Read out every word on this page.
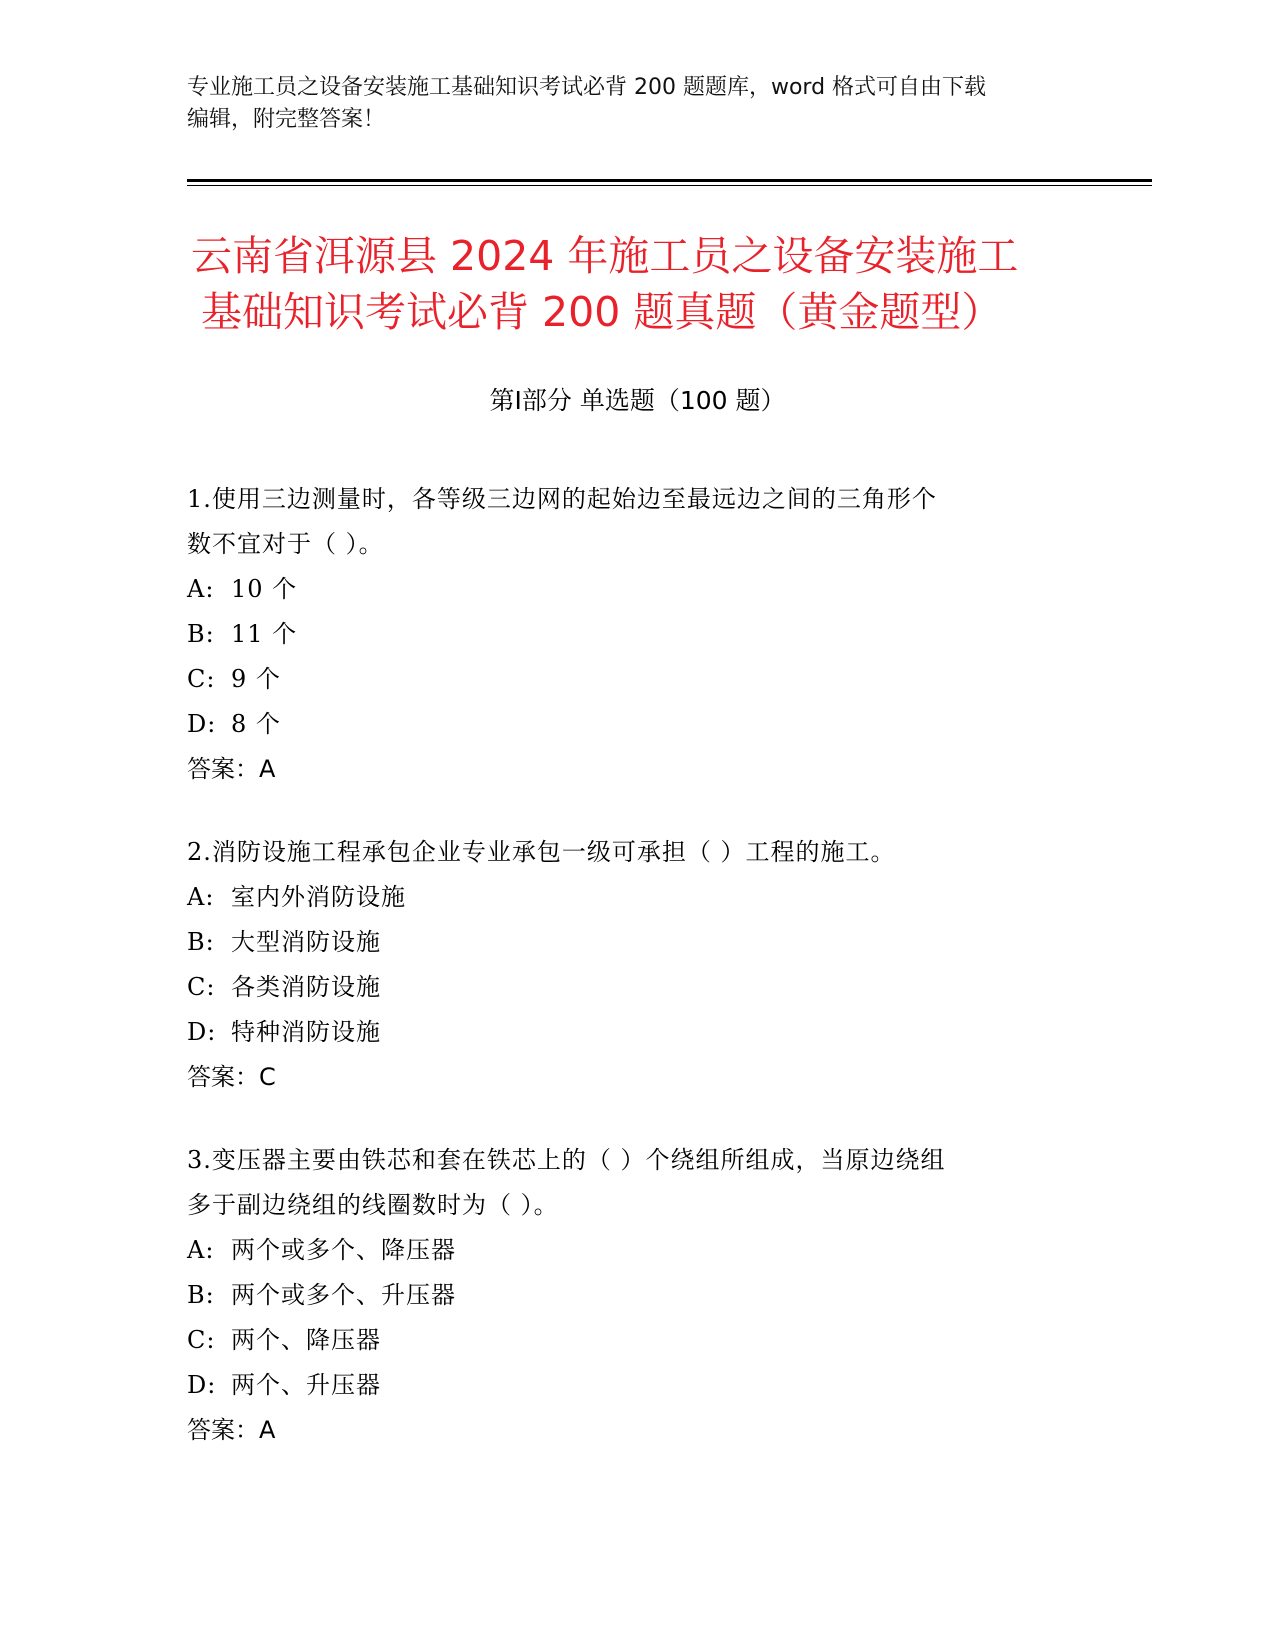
专业施工员之设备安装施工基础知识考试必背 200 题题库，word 格式可自由下载
编辑，附完整答案！
云南省洱源县 2024 年施工员之设备安装施工
基础知识考试必背 200 题真题（黄金题型）
第Ⅰ部分 单选题（100 题）
1.使用三边测量时，各等级三边网的起始边至最远边之间的三角形个
数不宜对于（ ）。
A: 10 个
B: 11 个
C: 9 个
D: 8 个
答案：A
2.消防设施工程承包企业专业承包一级可承担（ ）工程的施工。
A: 室内外消防设施
B: 大型消防设施
C: 各类消防设施
D: 特种消防设施
答案：C
3.变压器主要由铁芯和套在铁芯上的（ ）个绕组所组成，当原边绕组
多于副边绕组的线圈数时为（ ）。
A: 两个或多个、降压器
B: 两个或多个、升压器
C: 两个、降压器
D: 两个、升压器
答案：A
